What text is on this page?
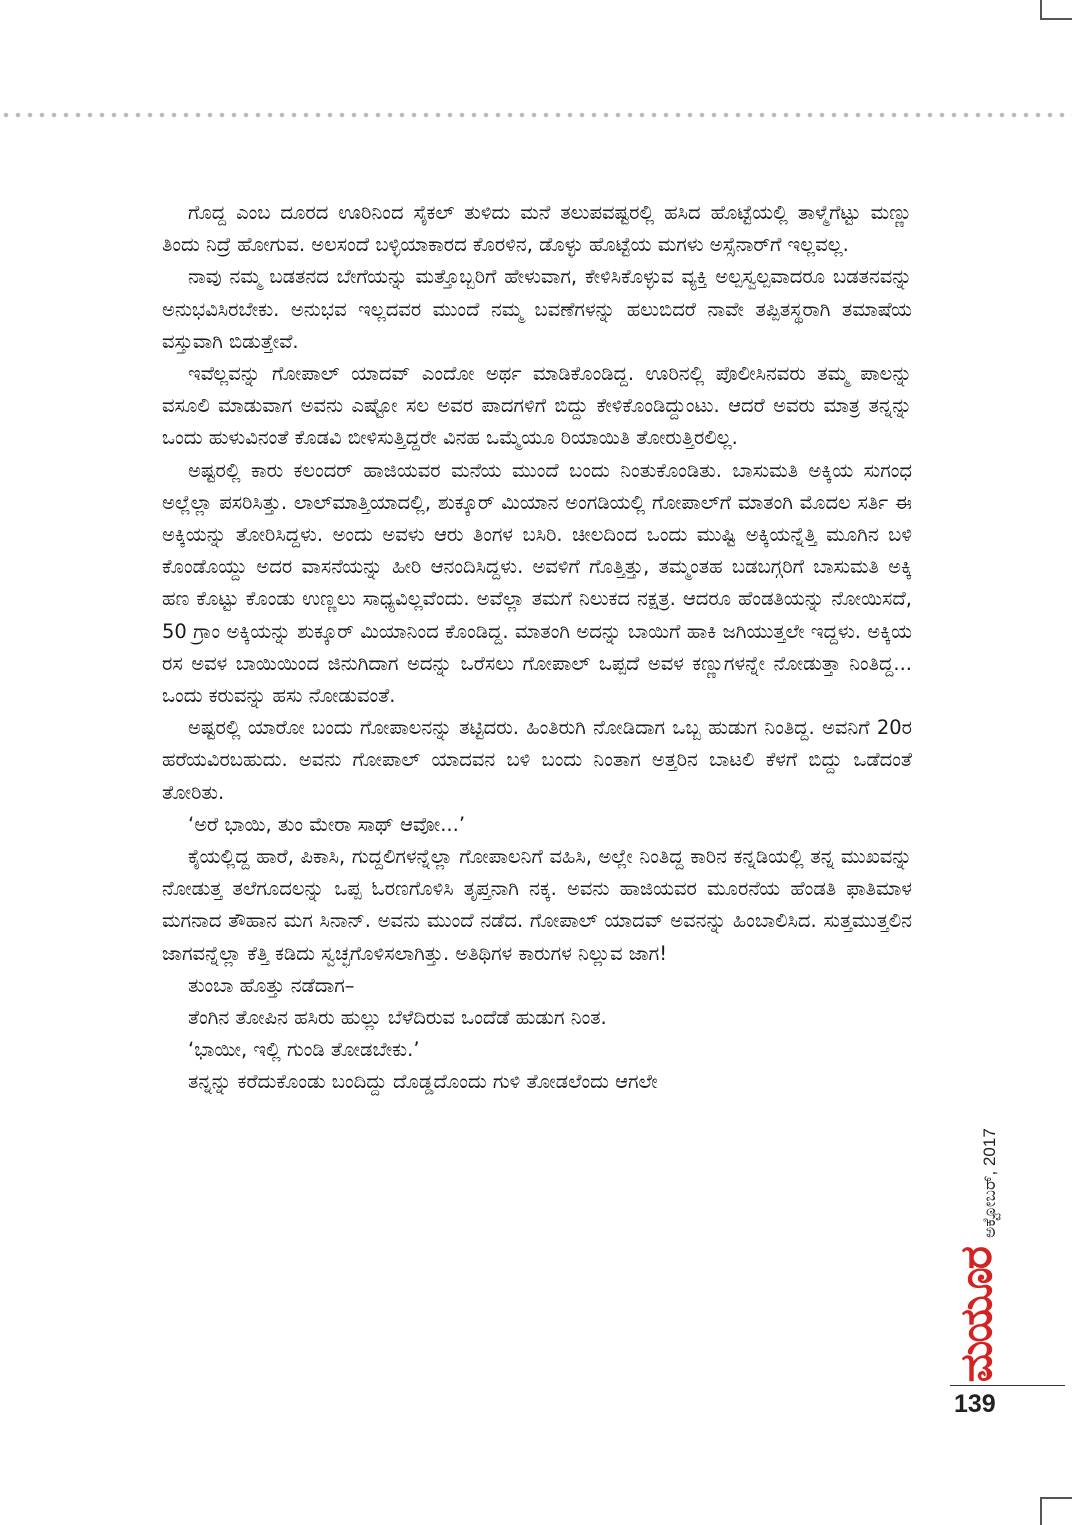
ಗೊದ್ದ ಎಂಬ ದೂರದ ಊರಿನಿಂದ ಸೈಕಲ್ ತುಳಿದು ಮನೆ ತಲುಪವಷ್ಟರಲ್ಲಿ ಹಸಿದ ಹೊಟ್ಟೆಯಲ್ಲಿ ತಾಳ್ಮೆಗೆಟ್ಟು ಮಣ್ಣು ತಿಂದು ನಿದ್ರೆ ಹೋಗುವ. ಅಲಸಂದೆ ಬಳ್ಳಿಯಾಕಾರದ ಕೊರಳಿನ, ಡೊಳ್ಳು ಹೊಟ್ಟೆಯ ಮಗಳು ಅಸ್ಸೆನಾರ್‌ಗೆ ಇಲ್ಲವಲ್ಲ.

ನಾವು ನಮ್ಮ ಬಡತನದ ಬೇಗೆಯನ್ನು ಮತ್ತೊಬ್ಬರಿಗೆ ಹೇಳುವಾಗ, ಕೇಳಿಸಿಕೊಳ್ಳುವ ವ್ಯಕ್ತಿ ಅಲ್ಪಸ್ವಲ್ಪವಾದರೂ ಬಡತನವನ್ನು ಅನುಭವಿಸಿರಬೇಕು. ಅನುಭವ ಇಲ್ಲದವರ ಮುಂದೆ ನಮ್ಮ ಬವಣೆಗಳನ್ನು ಹಲುಬಿದರೆ ನಾವೇ ತಪ್ಪಿತಸ್ಥರಾಗಿ ತಮಾಷೆಯ ವಸ್ತುವಾಗಿ ಬಿಡುತ್ತೇವೆ.

ಇವೆಲ್ಲವನ್ನು ಗೋಪಾಲ್ ಯಾದವ್ ಎಂದೋ ಅರ್ಥ ಮಾಡಿಕೊಂಡಿದ್ದ. ಊರಿನಲ್ಲಿ ಪೊಲೀಸಿನವರು ತಮ್ಮ ಪಾಲನ್ನು ವಸೂಲಿ ಮಾಡುವಾಗ ಅವನು ಎಷ್ಟೋ ಸಲ ಅವರ ಪಾದಗಳಿಗೆ ಬಿದ್ದು ಕೇಳಿಕೊಂಡಿದ್ದುಂಟು. ಆದರೆ ಅವರು ಮಾತ್ರ ತನ್ನನ್ನು ಒಂದು ಹುಳುವಿನಂತೆ ಕೊಡವಿ ಬೀಳಿಸುತ್ತಿದ್ದರೇ ವಿನಹ ಒಮ್ಮೆಯೂ ರಿಯಾಯಿತಿ ತೋರುತ್ತಿರಲಿಲ್ಲ.

ಅಷ್ಟರಲ್ಲಿ ಕಾರು ಕಲಂದರ್ ಹಾಜಿಯವರ ಮನೆಯ ಮುಂದೆ ಬಂದು ನಿಂತುಕೊಂಡಿತು. ಬಾಸುಮತಿ ಅಕ್ಕಿಯ ಸುಗಂಧ ಅಲ್ಲೆಲ್ಲಾ ಪಸರಿಸಿತ್ತು. ಲಾಲ್‌ಮಾತ್ತಿಯಾದಲ್ಲಿ, ಶುಕ್ಕೂರ್ ಮಿಯಾನ ಅಂಗಡಿಯಲ್ಲಿ ಗೋಪಾಲ್‌ಗೆ ಮಾತಂಗಿ ಮೊದಲ ಸರ್ತಿ ಈ ಅಕ್ಕಿಯನ್ನು ತೋರಿಸಿದ್ದಳು. ಅಂದು ಅವಳು ಆರು ತಿಂಗಳ ಬಸಿರಿ. ಚೀಲದಿಂದ ಒಂದು ಮುಷ್ಟಿ ಅಕ್ಕಿಯನ್ನೆತ್ತಿ ಮೂಗಿನ ಬಳಿ ಕೊಂಡೊಯ್ದು ಅದರ ವಾಸನೆಯನ್ನು ಹೀರಿ ಆನಂದಿಸಿದ್ದಳು. ಅವಳಿಗೆ ಗೊತ್ತಿತ್ತು, ತಮ್ಮಂತಹ ಬಡಬಗ್ಗರಿಗೆ ಬಾಸುಮತಿ ಅಕ್ಕಿ ಹಣ ಕೊಟ್ಟು ಕೊಂಡು ಉಣ್ಣಲು ಸಾಧ್ಯವಿಲ್ಲವೆಂದು. ಅವೆಲ್ಲಾ ತಮಗೆ ನಿಲುಕದ ನಕ್ಷತ್ರ. ಆದರೂ ಹೆಂಡತಿಯನ್ನು ನೋಯಿಸದೆ, 50 ಗ್ರಾಂ ಅಕ್ಕಿಯನ್ನು ಶುಕ್ಕೂರ್ ಮಿಯಾನಿಂದ ಕೊಂಡಿದ್ದ. ಮಾತಂಗಿ ಅದನ್ನು ಬಾಯಿಗೆ ಹಾಕಿ ಜಗಿಯುತ್ತಲೇ ಇದ್ದಳು. ಅಕ್ಕಿಯ ರಸ ಅವಳ ಬಾಯಿಯಿಂದ ಜಿನುಗಿದಾಗ ಅದನ್ನು ಒರೆಸಲು ಗೋಪಾಲ್ ಒಪ್ಪದೆ ಅವಳ ಕಣ್ಣುಗಳನ್ನೇ ನೋಡುತ್ತಾ ನಿಂತಿದ್ದ... ಒಂದು ಕರುವನ್ನು ಹಸು ನೋಡುವಂತೆ.

ಅಷ್ಟರಲ್ಲಿ ಯಾರೋ ಬಂದು ಗೋಪಾಲನನ್ನು ತಟ್ಟಿದರು. ಹಿಂತಿರುಗಿ ನೋಡಿದಾಗ ಒಬ್ಬ ಹುಡುಗ ನಿಂತಿದ್ದ. ಅವನಿಗೆ 20ರ ಹರೆಯವಿರಬಹುದು. ಅವನು ಗೋಪಾಲ್ ಯಾದವನ ಬಳಿ ಬಂದು ನಿಂತಾಗ ಅತ್ತರಿನ ಬಾಟಲಿ ಕೆಳಗೆ ಬಿದ್ದು ಒಡೆದಂತೆ ತೋರಿತು.

‘ಅರೆ ಭಾಯಿ, ತುಂ ಮೇರಾ ಸಾಥ್ ಆವೋ...’

ಕೈಯಲ್ಲಿದ್ದ ಹಾರೆ, ಪಿಕಾಸಿ, ಗುದ್ದಲಿಗಳನ್ನೆಲ್ಲಾ ಗೋಪಾಲನಿಗೆ ವಹಿಸಿ, ಅಲ್ಲೇ ನಿಂತಿದ್ದ ಕಾರಿನ ಕನ್ನಡಿಯಲ್ಲಿ ತನ್ನ ಮುಖವನ್ನು ನೋಡುತ್ತ ತಲೆಗೂದಲನ್ನು ಒಪ್ಪ ಓರಣಗೊಳಿಸಿ ತೃಪ್ತನಾಗಿ ನಕ್ಕ. ಅವನು ಹಾಜಿಯವರ ಮೂರನೆಯ ಹೆಂಡತಿ ಫಾತಿಮಾಳ ಮಗನಾದ ತೌಹಾನ ಮಗ ಸಿನಾನ್. ಅವನು ಮುಂದೆ ನಡೆದ. ಗೋಪಾಲ್ ಯಾದವ್ ಅವನನ್ನು ಹಿಂಬಾಲಿಸಿದ. ಸುತ್ತಮುತ್ತಲಿನ ಜಾಗವನ್ನೆಲ್ಲಾ ಕೆತ್ತಿ ಕಡಿದು ಸ್ವಚ್ಛಗೊಳಿಸಲಾಗಿತ್ತು. ಅತಿಥಿಗಳ ಕಾರುಗಳ ನಿಲ್ಲುವ ಜಾಗ!

ತುಂಬಾ ಹೊತ್ತು ನಡೆದಾಗ–

ತೆಂಗಿನ ತೋಪಿನ ಹಸಿರು ಹುಲ್ಲು ಬೆಳೆದಿರುವ ಒಂದೆಡೆ ಹುಡುಗ ನಿಂತ.

‘ಭಾಯೀ, ಇಲ್ಲಿ ಗುಂಡಿ ತೋಡಬೇಕು.’

ತನ್ನನ್ನು ಕರೆದುಕೊಂಡು ಬಂದಿದ್ದು ದೊಡ್ಡದೊಂದು ಗುಳಿ ತೋಡಲೆಂದು ಆಗಲೇ

ಅಕ್ಟೋಬರ್, 2017
ಮಯೂರ
139
